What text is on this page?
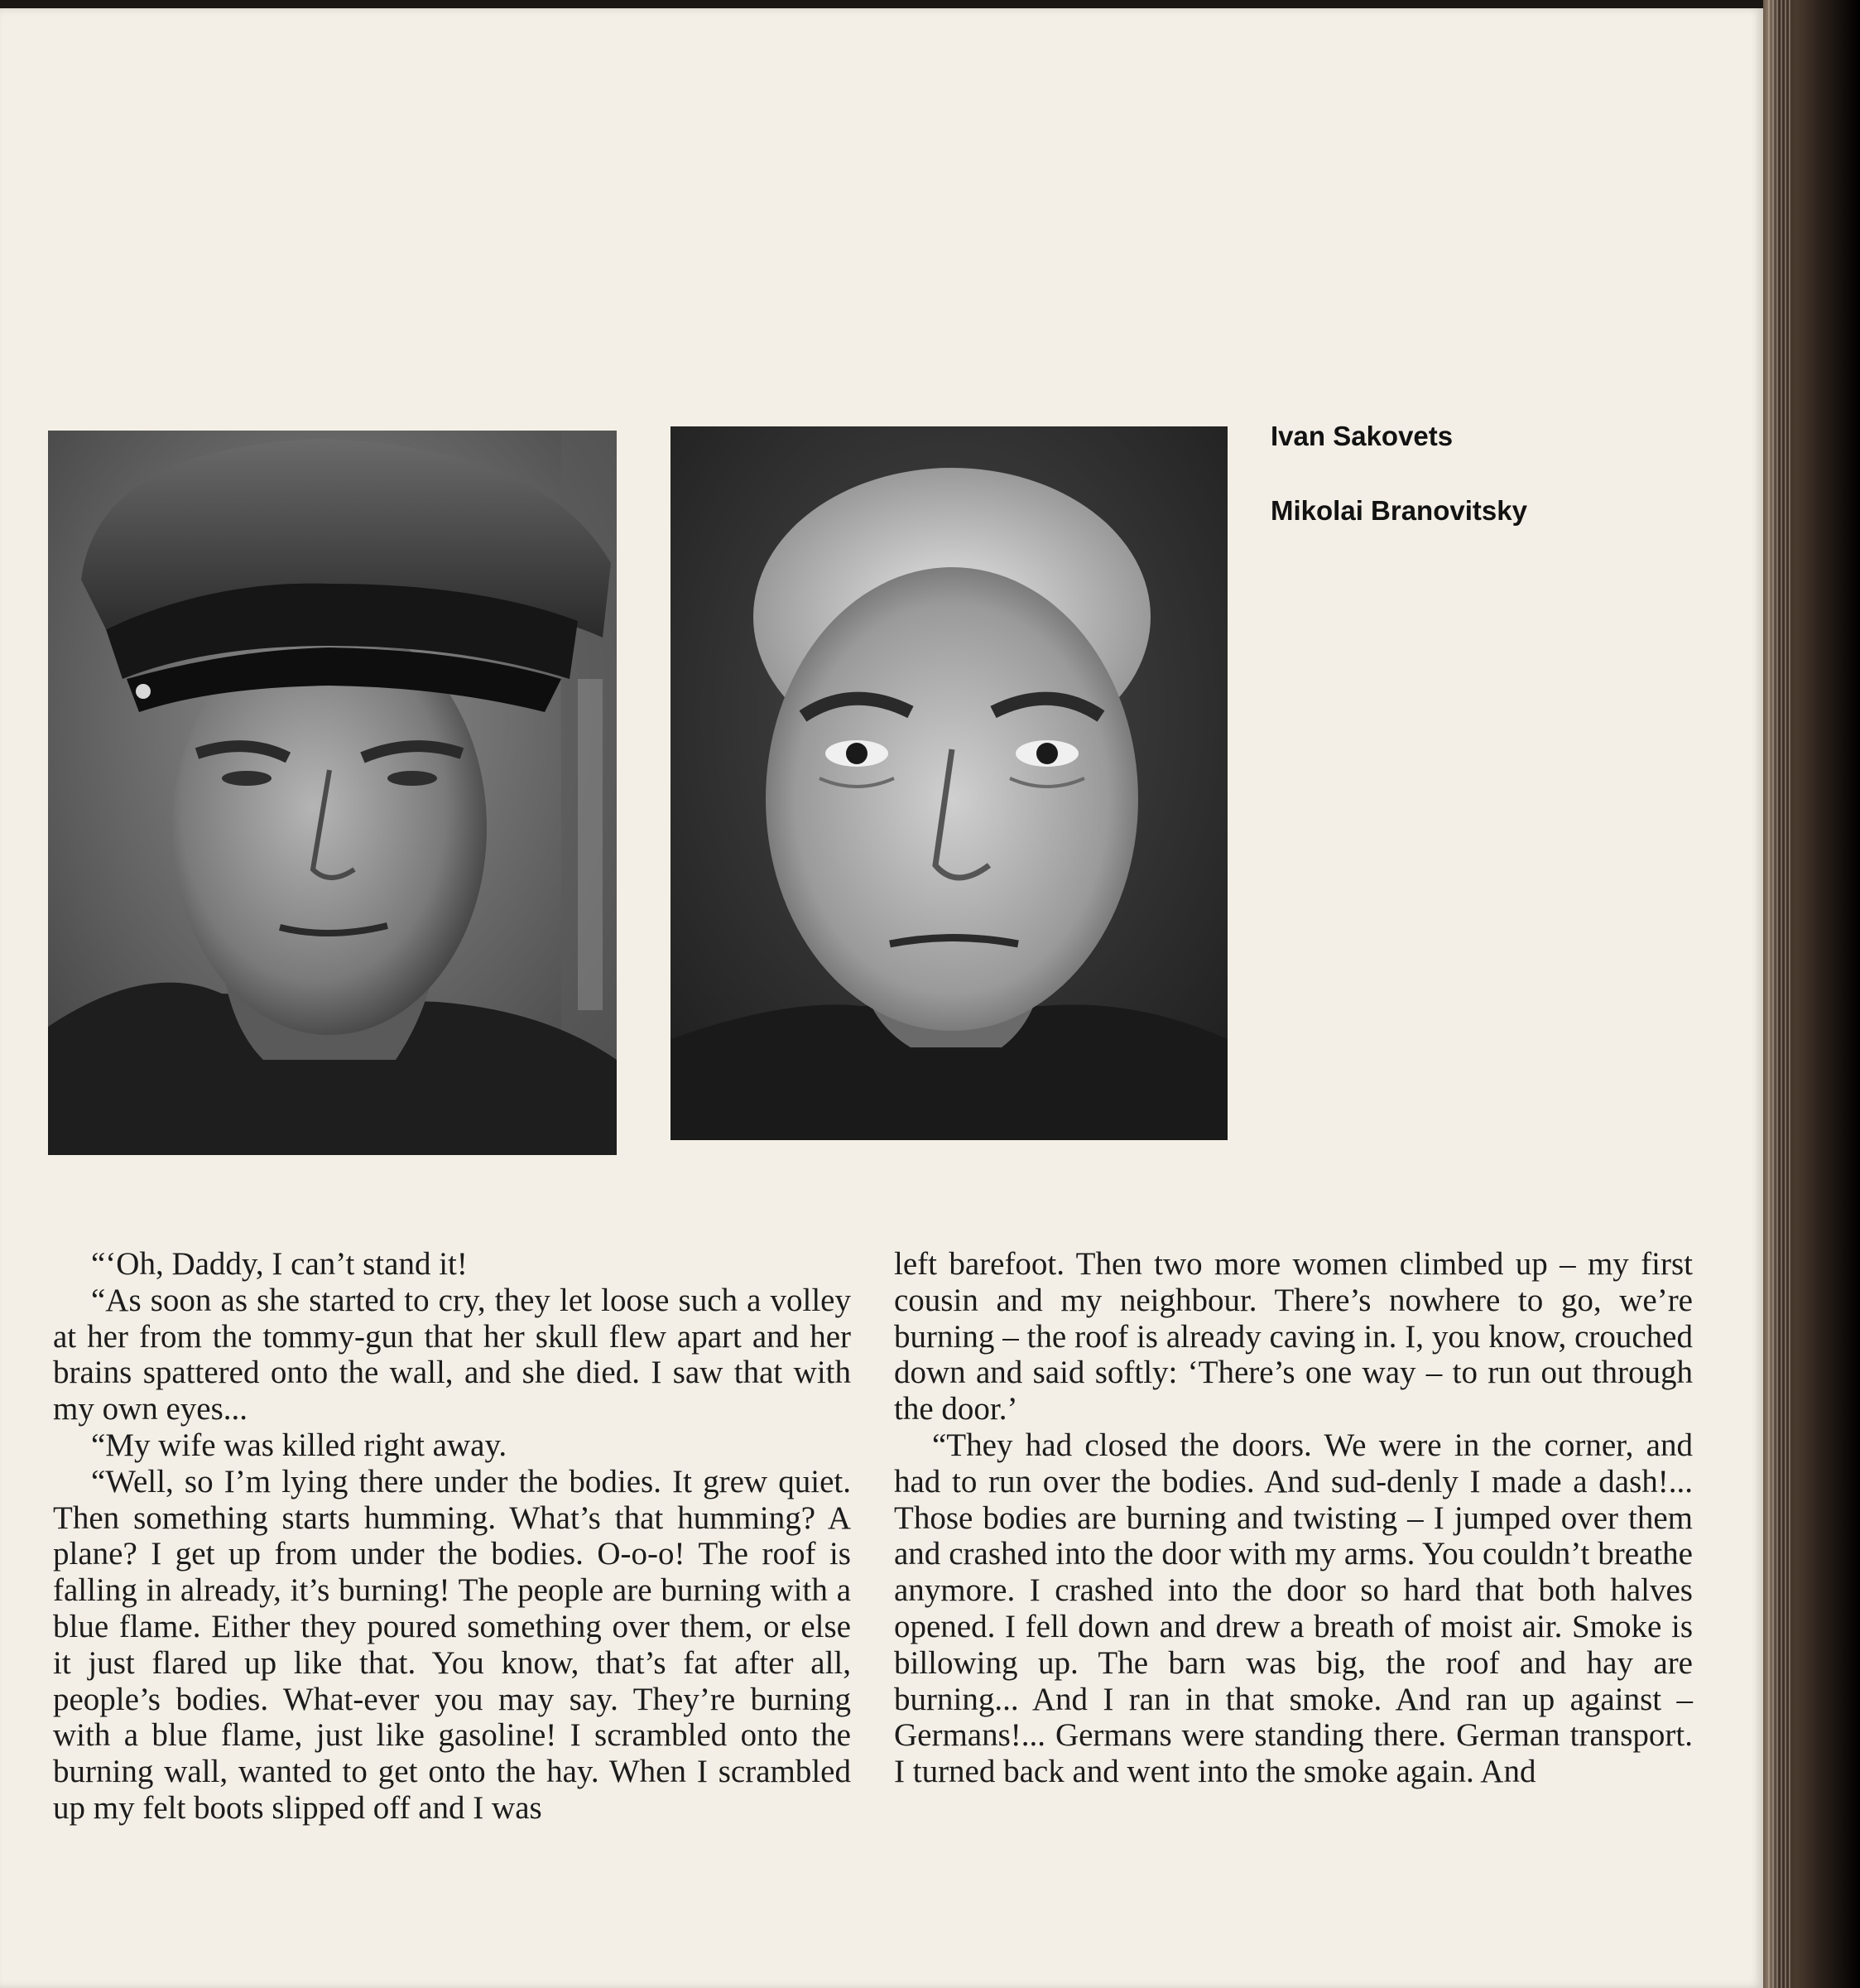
Ivan Sakovets
Mikolai Branovitsky

“‘Oh, Daddy, I can’t stand it!

“As soon as she started to cry, they let loose such a volley at her from the tommy-gun that her skull flew apart and her brains spattered onto the wall, and she died. I saw that with my own eyes...

“My wife was killed right away.

“Well, so I’m lying there under the bodies. It grew quiet. Then something starts humming. What’s that humming? A plane? I get up from under the bodies. O-o-o! The roof is falling in already, it’s burning! The people are burning with a blue flame. Either they poured something over them, or else it just flared up like that. You know, that’s fat after all, people’s bodies. What-ever you may say. They’re burning with a blue flame, just like gasoline! I scrambled onto the burning wall, wanted to get onto the hay. When I scrambled up my felt boots slipped off and I was

left barefoot. Then two more women climbed up – my first cousin and my neighbour. There’s nowhere to go, we’re burning – the roof is already caving in. I, you know, crouched down and said softly: ‘There’s one way – to run out through the door.’

“They had closed the doors. We were in the corner, and had to run over the bodies. And sud-denly I made a dash!... Those bodies are burning and twisting – I jumped over them and crashed into the door with my arms. You couldn’t breathe anymore. I crashed into the door so hard that both halves opened. I fell down and drew a breath of moist air. Smoke is billowing up. The barn was big, the roof and hay are burning... And I ran in that smoke. And ran up against – Germans!... Germans were standing there. German transport. I turned back and went into the smoke again. And
